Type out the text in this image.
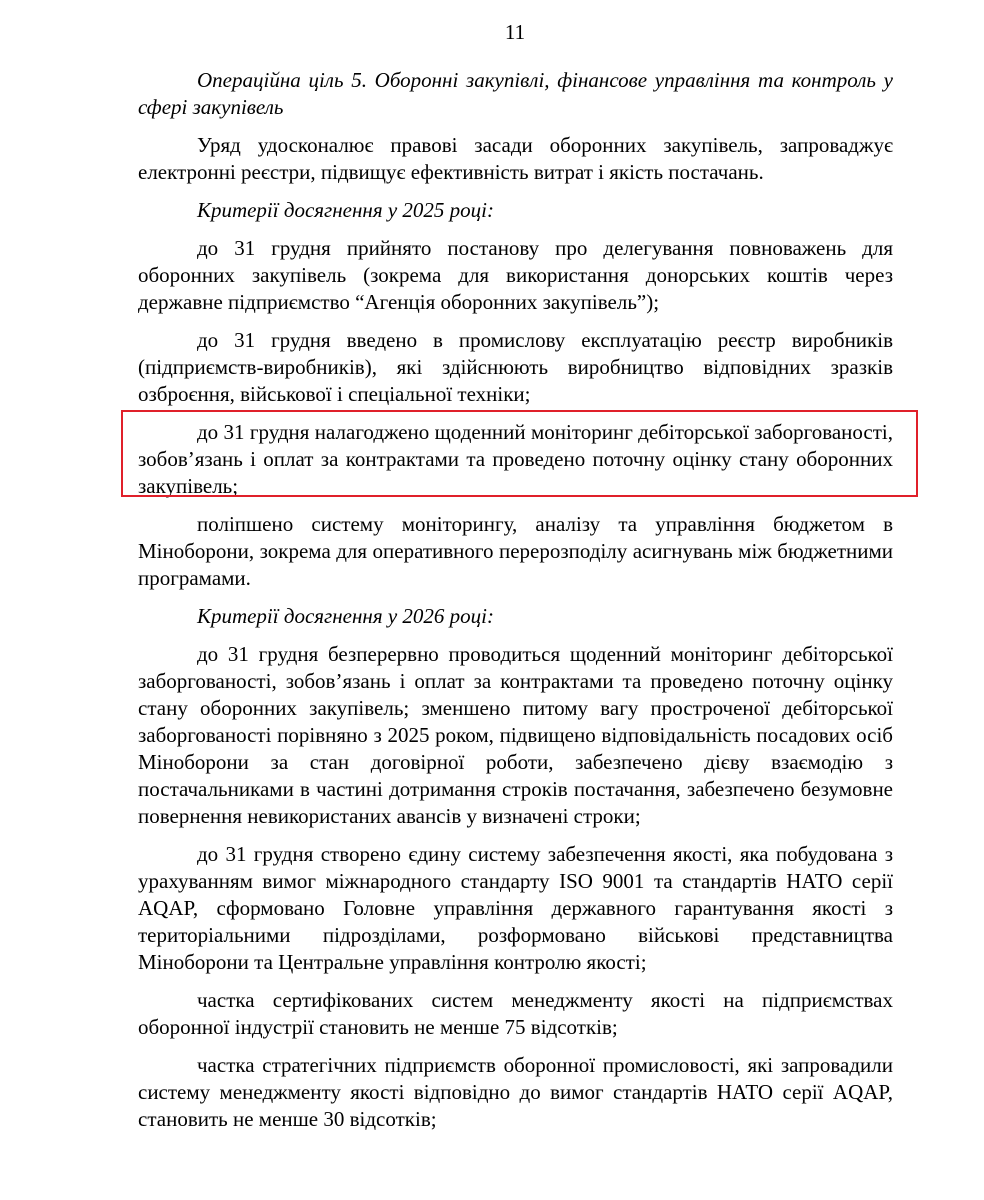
11

Операційна ціль 5. Оборонні закупівлі, фінансове управління та контроль у сфері закупівель

Уряд удосконалює правові засади оборонних закупівель, запроваджує електронні реєстри, підвищує ефективність витрат і якість постачань.

Критерії досягнення у 2025 році:

до 31 грудня прийнято постанову про делегування повноважень для оборонних закупівель (зокрема для використання донорських коштів через державне підприємство “Агенція оборонних закупівель”);

до 31 грудня введено в промислову експлуатацію реєстр виробників (підприємств-виробників), які здійснюють виробництво відповідних зразків озброєння, військової і спеціальної техніки;

до 31 грудня налагоджено щоденний моніторинг дебіторської заборгованості, зобов’язань і оплат за контрактами та проведено поточну оцінку стану оборонних закупівель;

поліпшено систему моніторингу, аналізу та управління бюджетом в Міноборони, зокрема для оперативного перерозподілу асигнувань між бюджетними програмами.

Критерії досягнення у 2026 році:

до 31 грудня безперервно проводиться щоденний моніторинг дебіторської заборгованості, зобов’язань і оплат за контрактами та проведено поточну оцінку стану оборонних закупівель; зменшено питому вагу простроченої дебіторської заборгованості порівняно з 2025 роком, підвищено відповідальність посадових осіб Міноборони за стан договірної роботи, забезпечено дієву взаємодію з постачальниками в частині дотримання строків постачання, забезпечено безумовне повернення невикористаних авансів у визначені строки;

до 31 грудня створено єдину систему забезпечення якості, яка побудована з урахуванням вимог міжнародного стандарту ISO 9001 та стандартів НАТО серії AQAP, сформовано Головне управління державного гарантування якості з територіальними підрозділами, розформовано військові представництва Міноборони та Центральне управління контролю якості;

частка сертифікованих систем менеджменту якості на підприємствах оборонної індустрії становить не менше 75 відсотків;

частка стратегічних підприємств оборонної промисловості, які запровадили систему менеджменту якості відповідно до вимог стандартів НАТО серії AQAP, становить не менше 30 відсотків;
